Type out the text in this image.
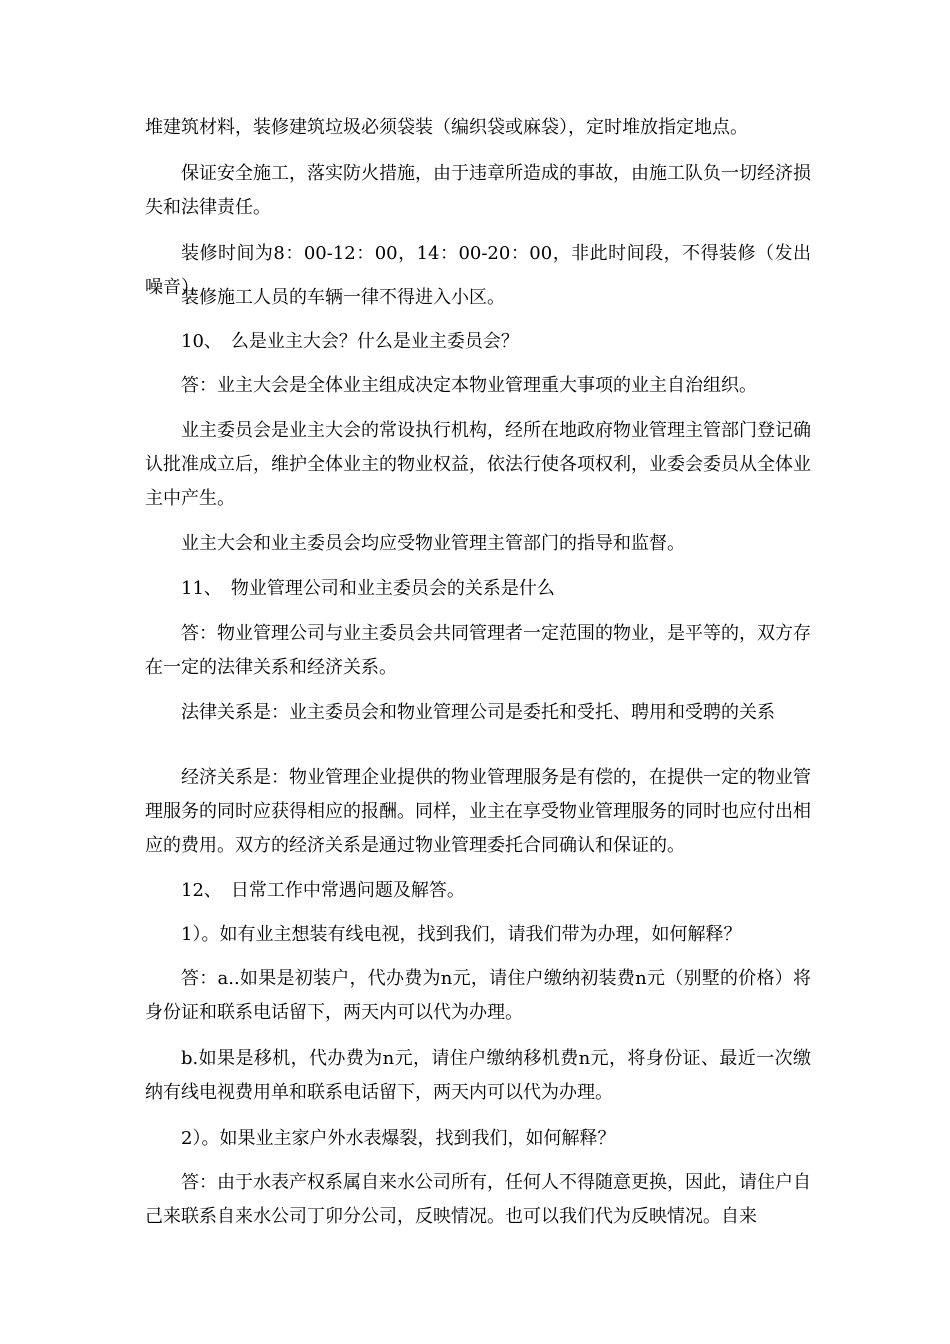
堆建筑材料，装修建筑垃圾必须袋装（编织袋或麻袋），定时堆放指定地点。

保证安全施工，落实防火措施，由于违章所造成的事故，由施工队负一切经济损失和法律责任。

装修时间为8：00-12：00，14：00-20：00，非此时间段，不得装修（发出噪音）。

装修施工人员的车辆一律不得进入小区。

10、　么是业主大会？什么是业主委员会？

答：业主大会是全体业主组成决定本物业管理重大事项的业主自治组织。

业主委员会是业主大会的常设执行机构，经所在地政府物业管理主管部门登记确认批准成立后，维护全体业主的物业权益，依法行使各项权利，业委会委员从全体业主中产生。

业主大会和业主委员会均应受物业管理主管部门的指导和监督。

11、　物业管理公司和业主委员会的关系是什么

答：物业管理公司与业主委员会共同管理者一定范围的物业，是平等的，双方存在一定的法律关系和经济关系。

法律关系是：业主委员会和物业管理公司是委托和受托、聘用和受聘的关系

经济关系是：物业管理企业提供的物业管理服务是有偿的，在提供一定的物业管理服务的同时应获得相应的报酬。同样，业主在享受物业管理服务的同时也应付出相应的费用。双方的经济关系是通过物业管理委托合同确认和保证的。

12、　日常工作中常遇问题及解答。

1）。如有业主想装有线电视，找到我们，请我们带为办理，如何解释？

答：a..如果是初装户，代办费为n元，请住户缴纳初装费n元（别墅的价格）将身份证和联系电话留下，两天内可以代为办理。

b.如果是移机，代办费为n元，请住户缴纳移机费n元，将身份证、最近一次缴纳有线电视费用单和联系电话留下，两天内可以代为办理。

2）。如果业主家户外水表爆裂，找到我们，如何解释？

答：由于水表产权系属自来水公司所有，任何人不得随意更换，因此，请住户自己来联系自来水公司丁卯分公司，反映情况。也可以我们代为反映情况。自来
